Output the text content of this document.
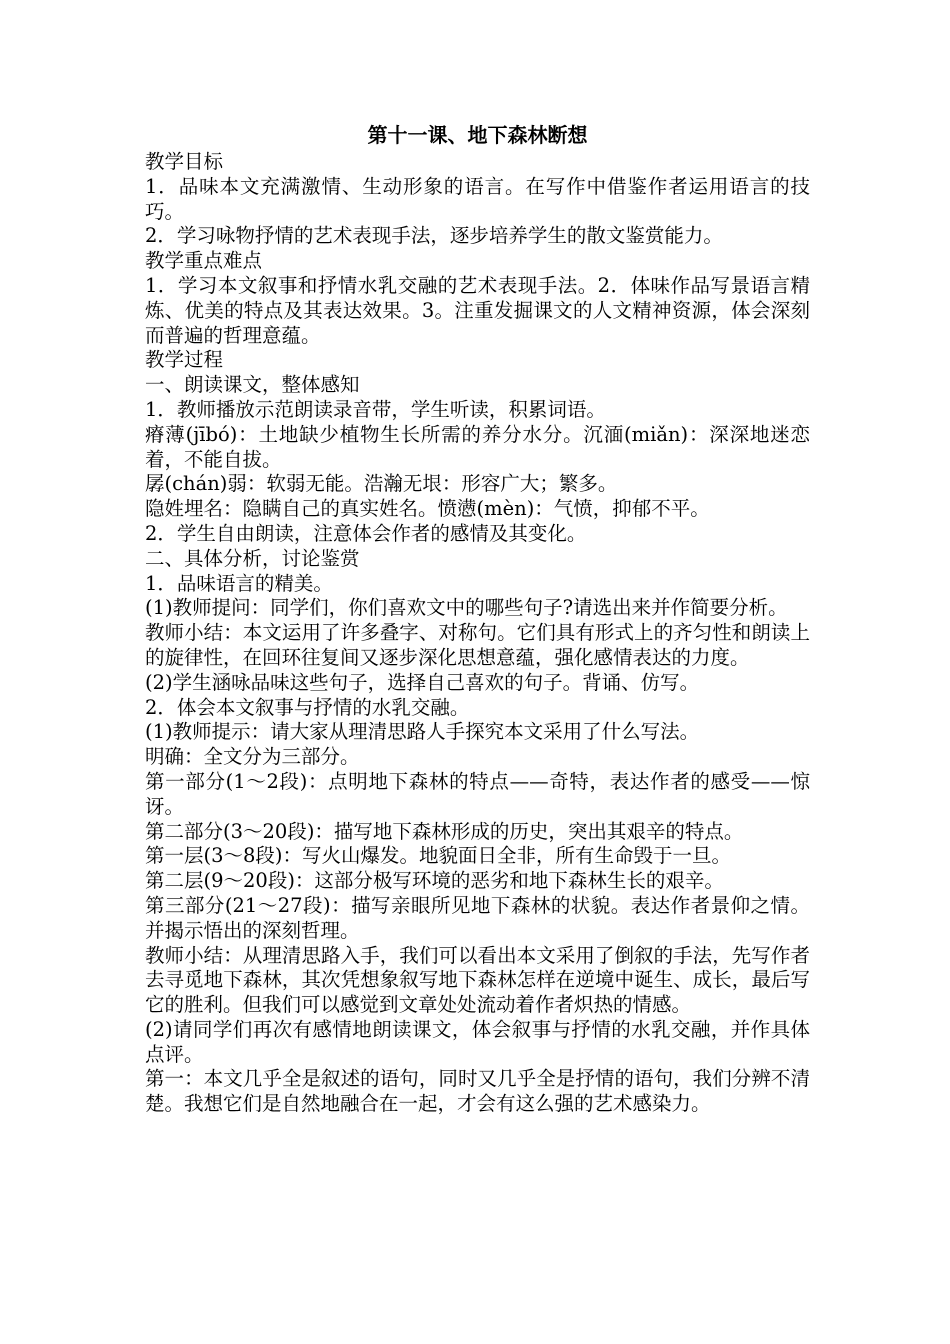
第十一课、地下森林断想

教学目标

1．品味本文充满激情、生动形象的语言。在写作中借鉴作者运用语言的技巧。

2．学习咏物抒情的艺术表现手法，逐步培养学生的散文鉴赏能力。

教学重点难点

1．学习本文叙事和抒情水乳交融的艺术表现手法。2．体味作品写景语言精炼、优美的特点及其表达效果。3。注重发掘课文的人文精神资源，体会深刻而普遍的哲理意蕴。

教学过程

一、朗读课文，整体感知

1．教师播放示范朗读录音带，学生听读，积累词语。

瘠薄(jībó)：土地缺少植物生长所需的养分水分。沉湎(miǎn)：深深地迷恋着，不能自拔。

孱(chán)弱：软弱无能。浩瀚无垠：形容广大；繁多。

隐姓埋名：隐瞒自己的真实姓名。愤懑(mèn)：气愤，抑郁不平。

2．学生自由朗读，注意体会作者的感情及其变化。

二、具体分析，讨论鉴赏

1．品味语言的精美。

(1)教师提问：同学们，你们喜欢文中的哪些句子?请选出来并作简要分析。

教师小结：本文运用了许多叠字、对称句。它们具有形式上的齐匀性和朗读上的旋律性，在回环往复间又逐步深化思想意蕴，强化感情表达的力度。

(2)学生涵咏品味这些句子，选择自己喜欢的句子。背诵、仿写。

2．体会本文叙事与抒情的水乳交融。

(1)教师提示：请大家从理清思路人手探究本文采用了什么写法。

明确：全文分为三部分。

第一部分(1～2段)：点明地下森林的特点——奇特，表达作者的感受——惊讶。

第二部分(3～20段)：描写地下森林形成的历史，突出其艰辛的特点。

第一层(3～8段)：写火山爆发。地貌面日全非，所有生命毁于一旦。

第二层(9～20段)：这部分极写环境的恶劣和地下森林生长的艰辛。

第三部分(21～27段)：描写亲眼所见地下森林的状貌。表达作者景仰之情。并揭示悟出的深刻哲理。

教师小结：从理清思路入手，我们可以看出本文采用了倒叙的手法，先写作者去寻觅地下森林，其次凭想象叙写地下森林怎样在逆境中诞生、成长，最后写它的胜利。但我们可以感觉到文章处处流动着作者炽热的情感。

(2)请同学们再次有感情地朗读课文，体会叙事与抒情的水乳交融，并作具体点评。

第一：本文几乎全是叙述的语句，同时又几乎全是抒情的语句，我们分辨不清楚。我想它们是自然地融合在一起，才会有这么强的艺术感染力。
